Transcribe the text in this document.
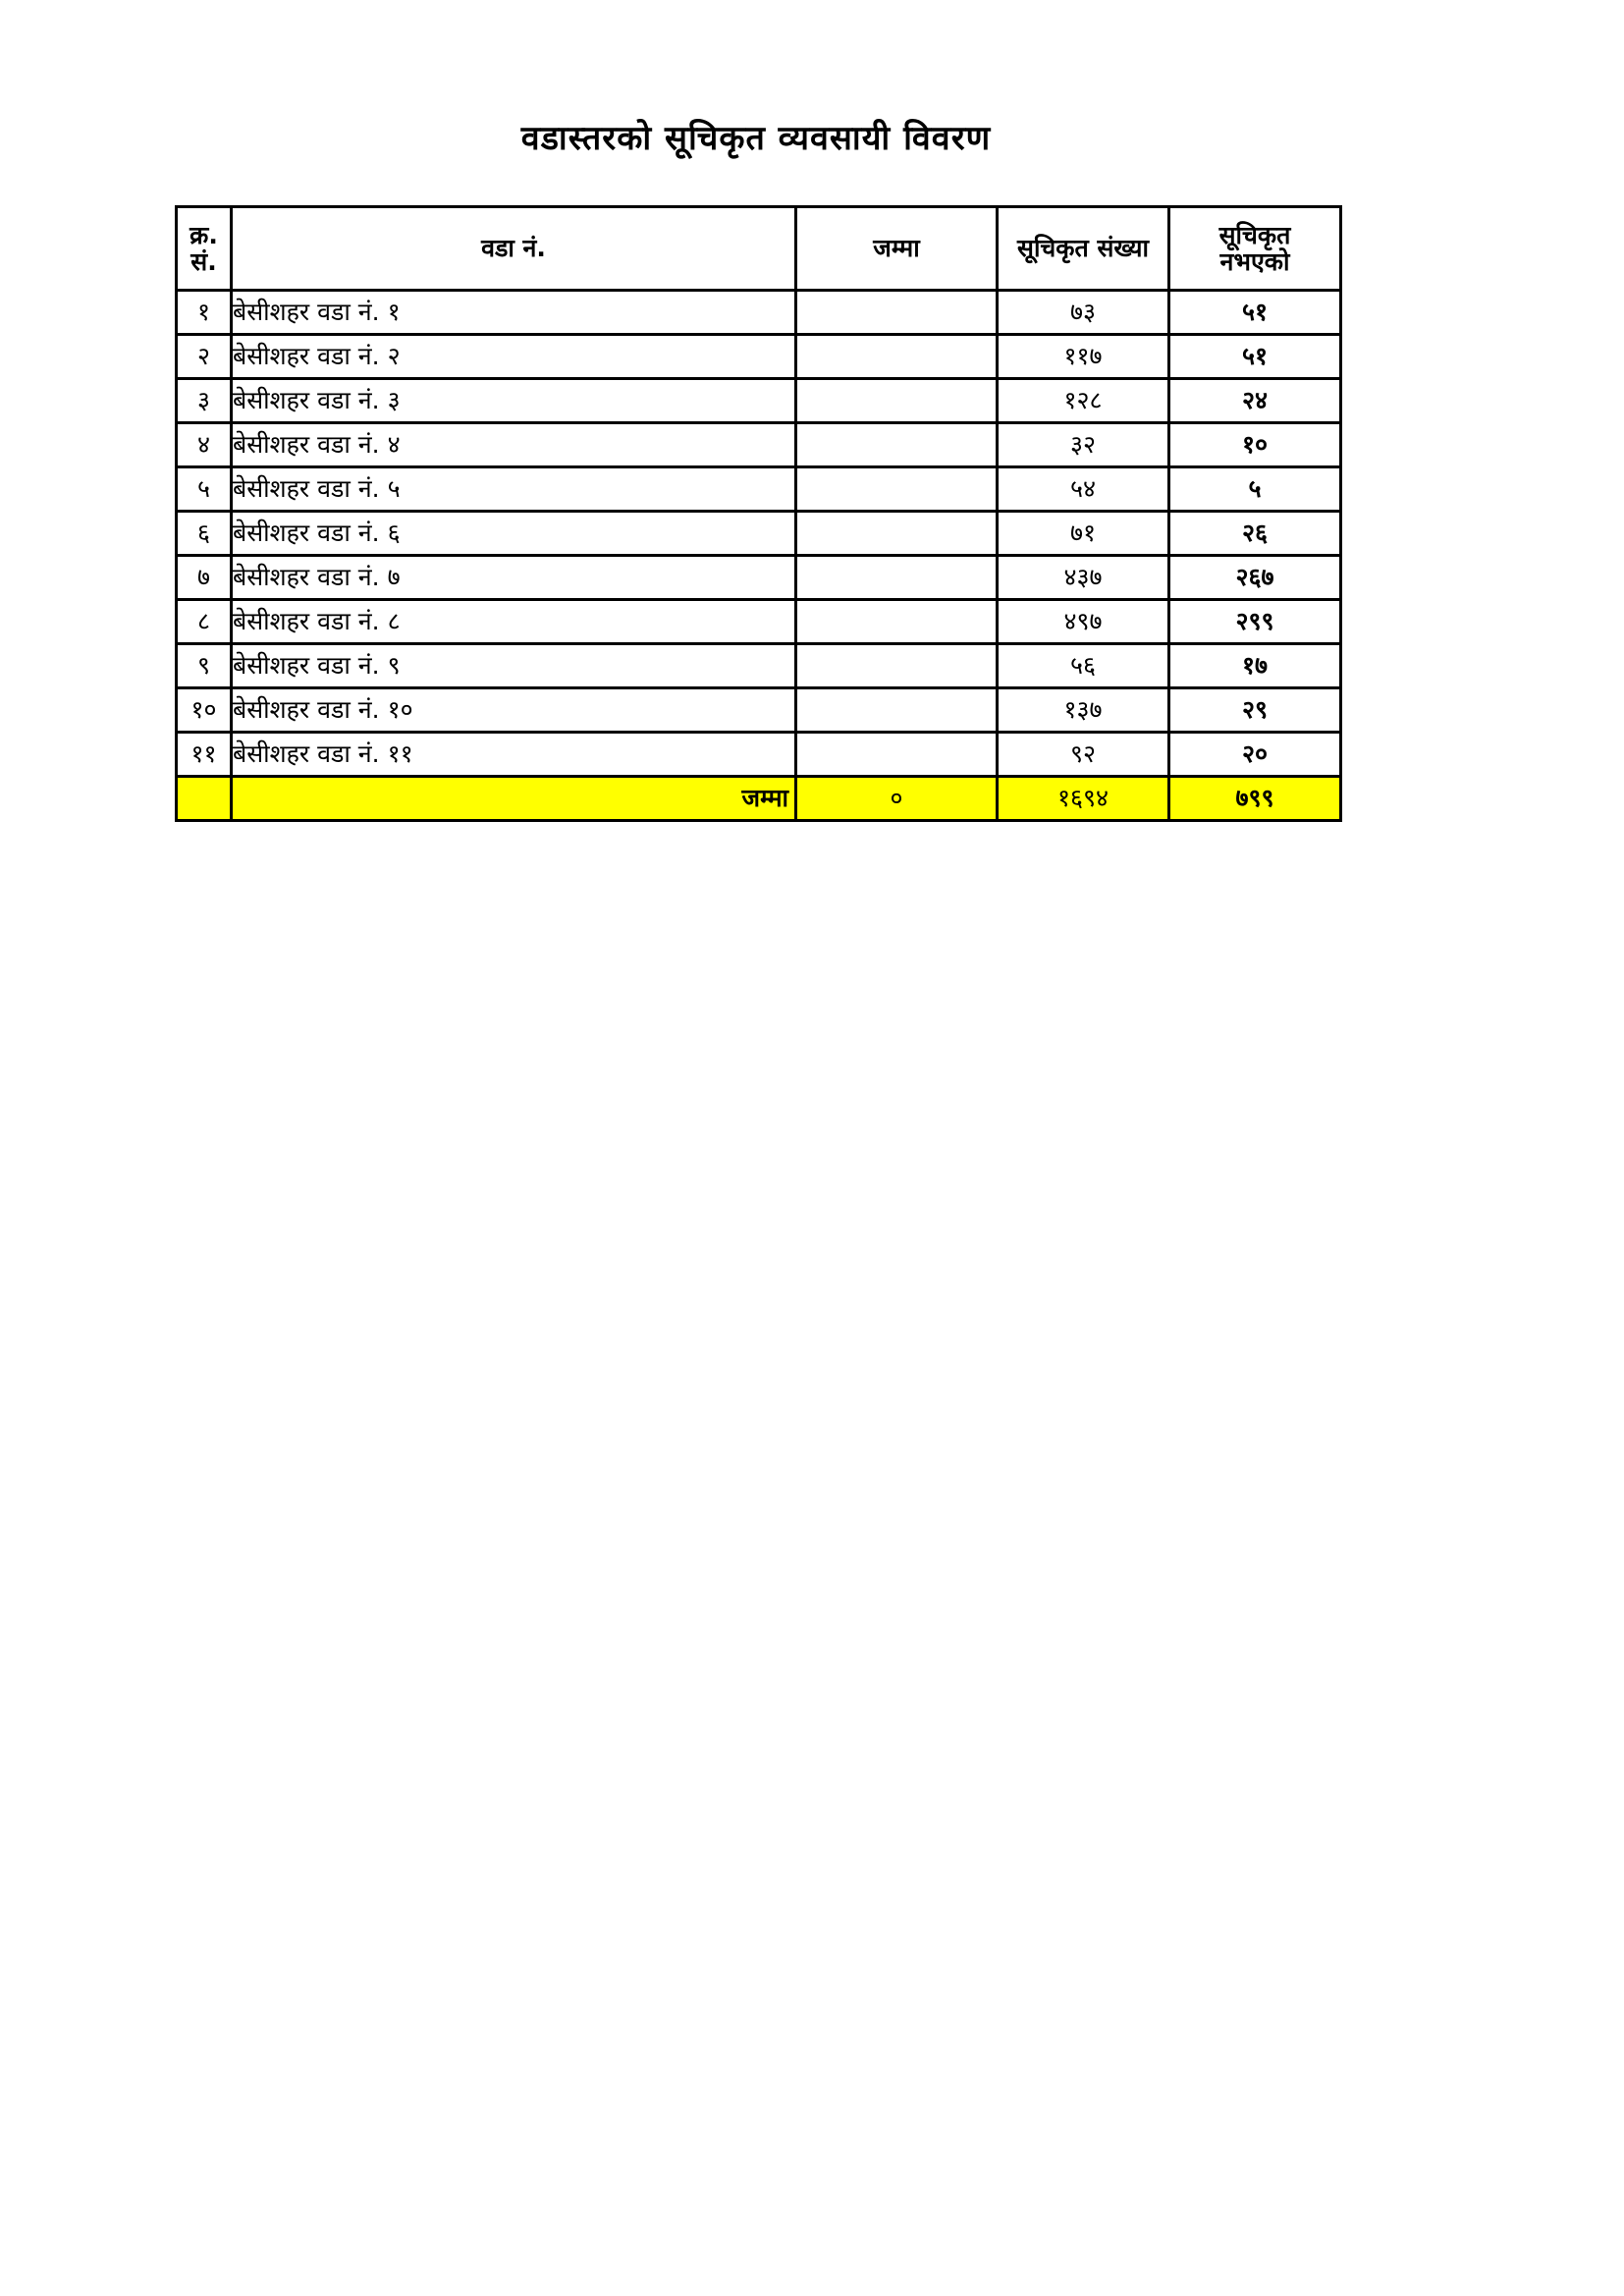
वडास्तरको सूचिकृत व्यवसायी विवरण
क्र.
सं.	वडा नं.	जम्मा	सूचिकृत संख्या	सूचिकृत
नभएको

१	बेसीशहर वडा नं. १		७३	५१
२	बेसीशहर वडा नं. २		११७	५१
३	बेसीशहर वडा नं. ३		१२८	२४
४	बेसीशहर वडा नं. ४		३२	१०
५	बेसीशहर वडा नं. ५		५४	५
६	बेसीशहर वडा नं. ६		७१	२६
७	बेसीशहर वडा नं. ७		४३७	२६७
८	बेसीशहर वडा नं. ८		४९७	२९९
९	बेसीशहर वडा नं. ९		५६	१७
१०	बेसीशहर वडा नं. १०		१३७	२९
११	बेसीशहर वडा नं. ११		९२	२०
	जम्मा	०	१६९४	७९९
